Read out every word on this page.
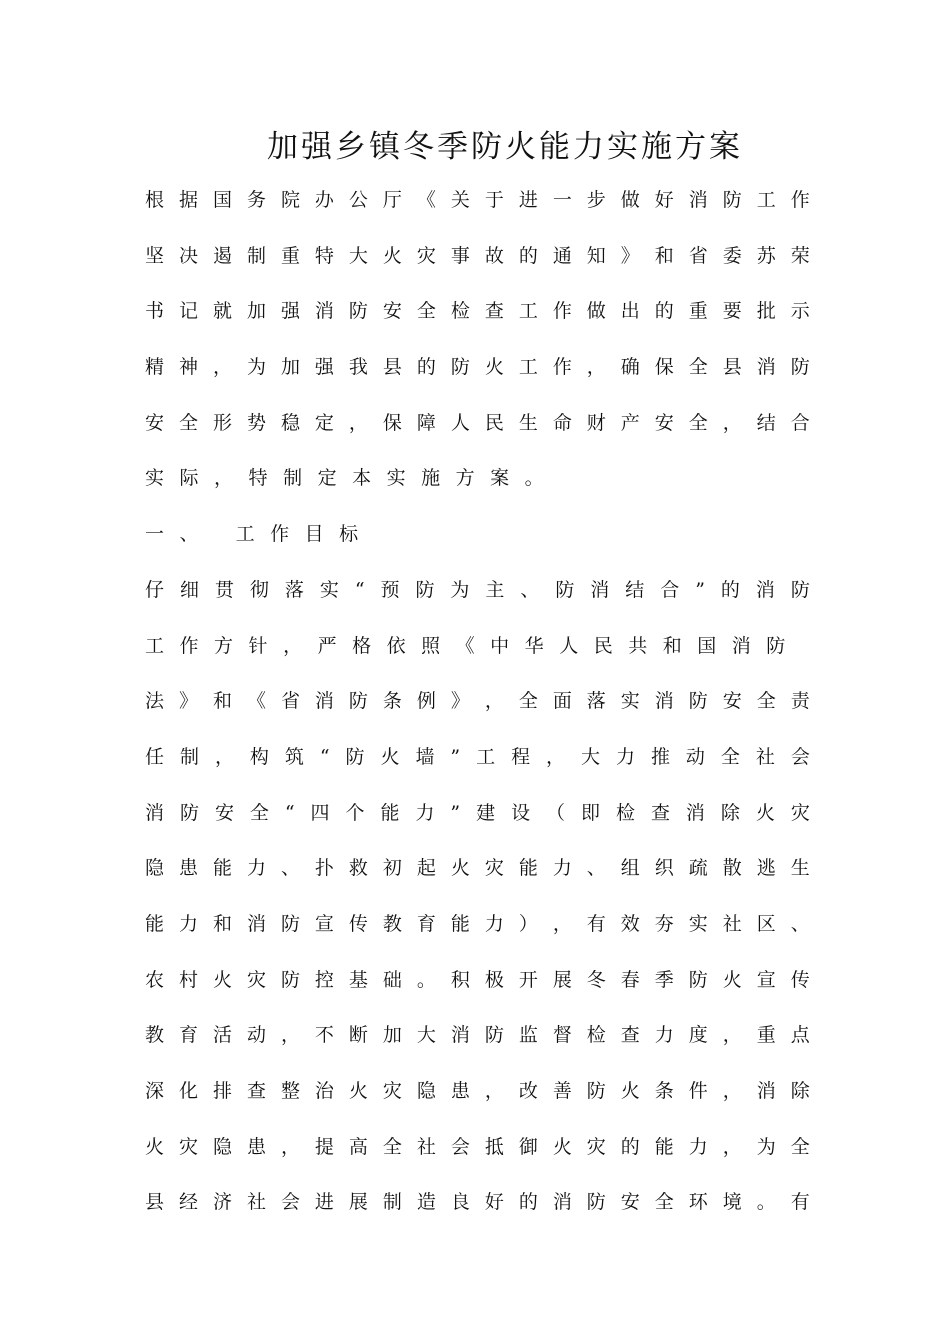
加强乡镇冬季防火能力实施方案
根 据 国 务 院 办 公 厅 《 关 于 进 一 步 做 好 消 防 工 作
坚 决 遏 制 重 特 大 火 灾 事 故 的 通 知 》 和 省 委 苏 荣
书 记 就 加 强 消 防 安 全 检 查 工 作 做 出 的 重 要 批 示
精 神 ， 为 加 强 我 县 的 防 火 工 作 ， 确 保 全 县 消 防
安 全 形 势 稳 定 ， 保 障 人 民 生 命 财 产 安 全 ， 结 合
实 际 ， 特 制 定 本 实 施 方 案 。
一 、
工 作 目 标
仔 细 贯 彻 落 实 “ 预 防 为 主 、 防 消 结 合 ” 的 消 防
工 作 方 针 ， 严 格 依 照 《 中 华 人 民 共 和 国 消 防
法 》 和 《 省 消 防 条 例 》 ， 全 面 落 实 消 防 安 全 责
任 制 ， 构 筑 “ 防 火 墙 ” 工 程 ， 大 力 推 动 全 社 会
消 防 安 全 “ 四 个 能 力 ” 建 设 （ 即 检 查 消 除 火 灾
隐 患 能 力 、 扑 救 初 起 火 灾 能 力 、 组 织 疏 散 逃 生
能 力 和 消 防 宣 传 教 育 能 力 ） ， 有 效 夯 实 社 区 、
农 村 火 灾 防 控 基 础 。 积 极 开 展 冬 春 季 防 火 宣 传
教 育 活 动 ， 不 断 加 大 消 防 监 督 检 查 力 度 ， 重 点
深 化 排 查 整 治 火 灾 隐 患 ， 改 善 防 火 条 件 ， 消 除
火 灾 隐 患 ， 提 高 全 社 会 抵 御 火 灾 的 能 力 ， 为 全
县 经 济 社 会 进 展 制 造 良 好 的 消 防 安 全 环 境 。 有
